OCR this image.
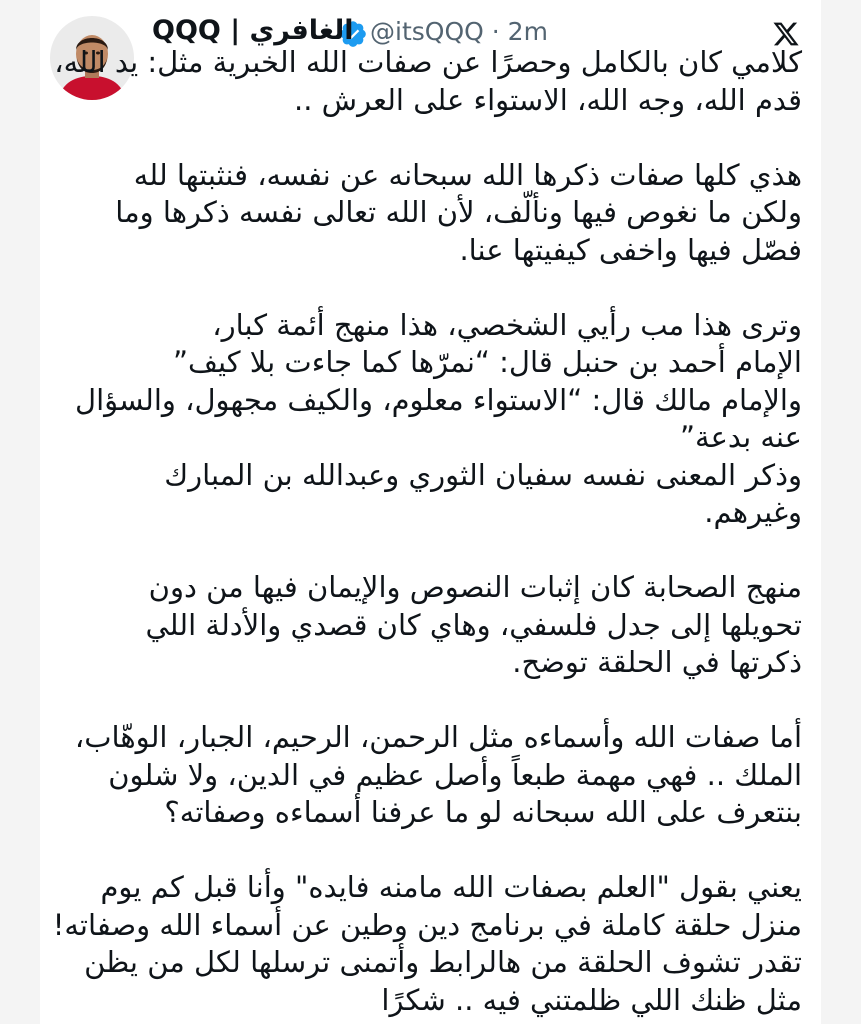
@itsQQQ · 2m
QQQ | الغافري
كلامي كان بالكامل وحصرًا عن صفات الله الخبرية مثل: يد الله،
قدم الله، وجه الله، الاستواء على العرش ..
هذي كلها صفات ذكرها الله سبحانه عن نفسه، فنثبتها لله
ولكن ما نغوص فيها ونألّف، لأن الله تعالى نفسه ذكرها وما
فصّل فيها واخفى كيفيتها عنا.
وترى هذا مب رأيي الشخصي، هذا منهج أئمة كبار،
الإمام أحمد بن حنبل قال: “نمرّها كما جاءت بلا كيف”
والإمام مالك قال: “الاستواء معلوم، والكيف مجهول، والسؤال
عنه بدعة”
وذكر المعنى نفسه سفيان الثوري وعبدالله بن المبارك
وغيرهم.
منهج الصحابة كان إثبات النصوص والإيمان فيها من دون
تحويلها إلى جدل فلسفي، وهاي كان قصدي والأدلة اللي
ذكرتها في الحلقة توضح.
أما صفات الله وأسماءه مثل الرحمن، الرحيم، الجبار، الوهّاب،
الملك .. فهي مهمة طبعاً وأصل عظيم في الدين، ولا شلون
بنتعرف على الله سبحانه لو ما عرفنا أسماءه وصفاته؟
يعني بقول "العلم بصفات الله مامنه فايده" وأنا قبل كم يوم
منزل حلقة كاملة في برنامج دين وطين عن أسماء الله وصفاته!
تقدر تشوف الحلقة من هالرابط وأتمنى ترسلها لكل من يظن
مثل ظنك اللي ظلمتني فيه .. شكرًا
